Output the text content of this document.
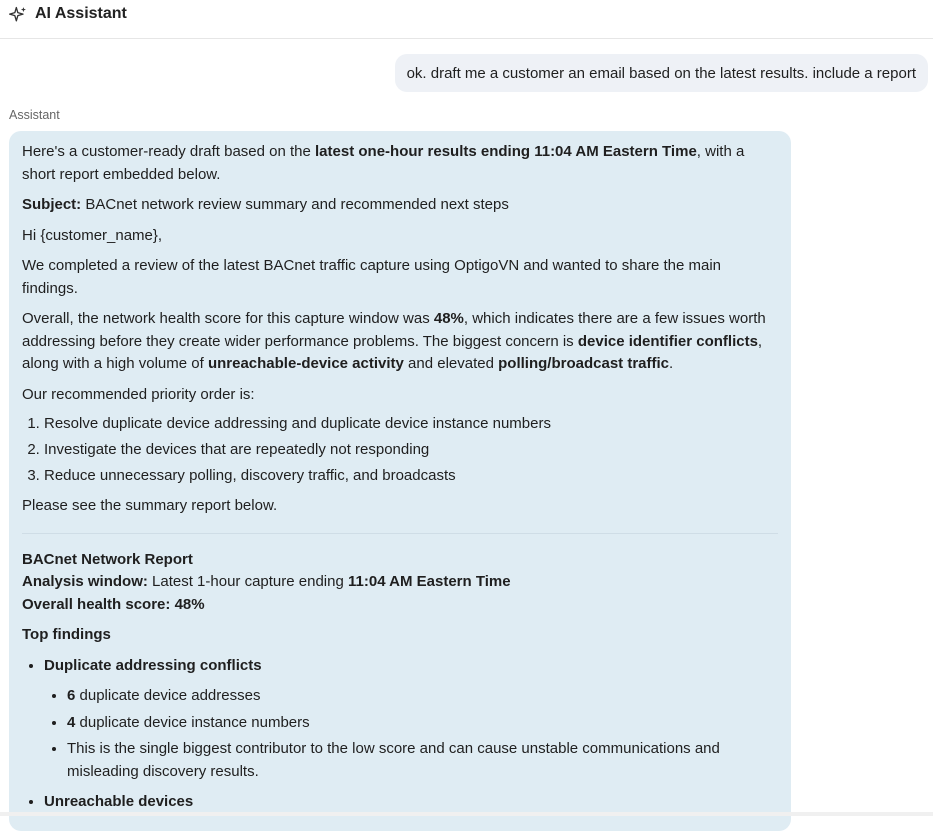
AI Assistant
ok. draft me a customer an email based on the latest results. include a report
Assistant

Here's a customer-ready draft based on the latest one-hour results ending 11:04 AM Eastern Time, with a short report embedded below.

Subject: BACnet network review summary and recommended next steps

Hi {customer_name},

We completed a review of the latest BACnet traffic capture using OptigoVN and wanted to share the main findings.

Overall, the network health score for this capture window was 48%, which indicates there are a few issues worth addressing before they create wider performance problems. The biggest concern is device identifier conflicts, along with a high volume of unreachable-device activity and elevated polling/broadcast traffic.

Our recommended priority order is:

1. Resolve duplicate device addressing and duplicate device instance numbers
2. Investigate the devices that are repeatedly not responding
3. Reduce unnecessary polling, discovery traffic, and broadcasts

Please see the summary report below.

BACnet Network Report

Analysis window: Latest 1-hour capture ending 11:04 AM Eastern Time

Overall health score: 48%

Top findings

• Duplicate addressing conflicts
• 6 duplicate device addresses
• 4 duplicate device instance numbers
• This is the single biggest contributor to the low score and can cause unstable communications and misleading discovery results.
• Unreachable devices
